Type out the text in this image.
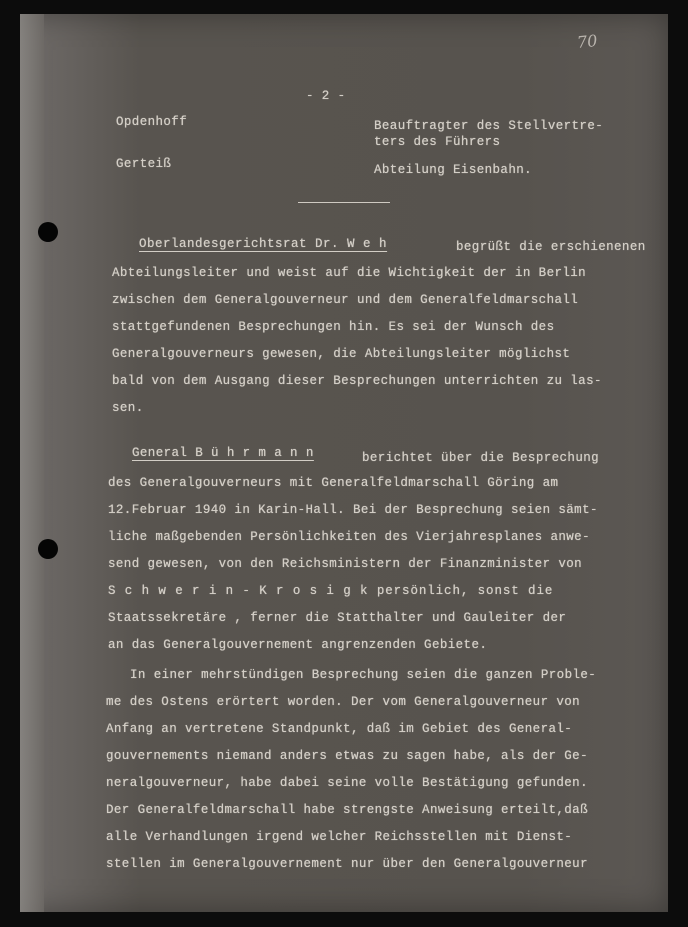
70
- 2 -
Opdenhoff
Gerteiß
Beauftragter des Stellvertre-
ters des Führers
Abteilung Eisenbahn.
Oberlandesgerichtsrat Dr. W e h	begrüßt die erschienenen
Abteilungsleiter und weist auf die Wichtigkeit der in Berlin
zwischen dem Generalgouverneur und dem Generalfeldmarschall
stattgefundenen Besprechungen hin. Es sei der Wunsch des
Generalgouverneurs gewesen, die Abteilungsleiter möglichst
bald von dem Ausgang dieser Besprechungen unterrichten zu las-
sen.
General B ü h r m a n n	berichtet über die Besprechung
des Generalgouverneurs mit Generalfeldmarschall Göring am
12.Februar 1940 in Karin-Hall. Bei der Besprechung seien sämt-
liche maßgebenden Persönlichkeiten des Vierjahresplanes anwe-
send gewesen, von den Reichsministern der Finanzminister von
S c h w e r i n - K r o s i g k persönlich, sonst die
Staatssekretäre , ferner die Statthalter und Gauleiter der
an das Generalgouvernement angrenzenden Gebiete.
In einer mehrstündigen Besprechung seien die ganzen Proble-
me des Ostens erörtert worden. Der vom Generalgouverneur von
Anfang an vertretene Standpunkt, daß im Gebiet des General-
gouvernements niemand anders etwas zu sagen habe, als der Ge-
neralgouverneur, habe dabei seine volle Bestätigung gefunden.
Der Generalfeldmarschall habe strengste Anweisung erteilt,daß
alle Verhandlungen irgend welcher Reichsstellen mit Dienst-
stellen im Generalgouvernement nur über den Generalgouverneur
